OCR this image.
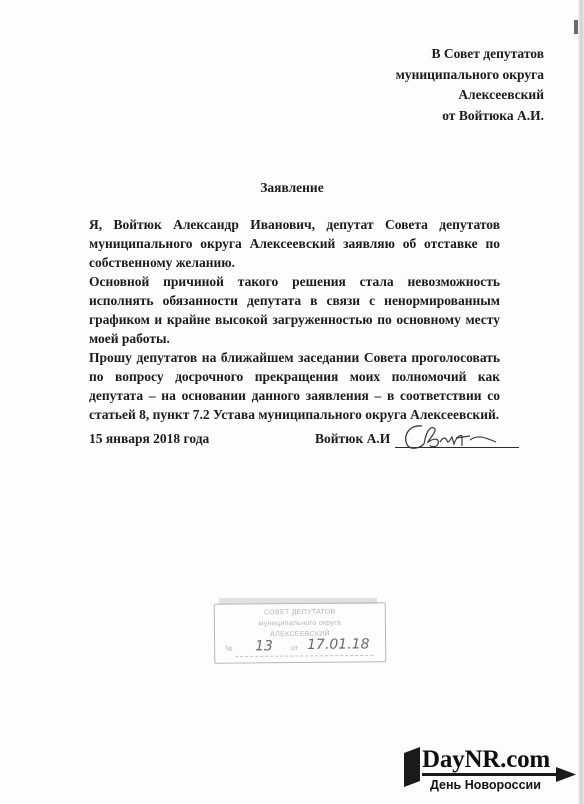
В Совет депутатов
муниципального округа
Алексеевский
от Войтюка А.И.
Заявление

Я, Войтюк Александр Иванович, депутат Совета депутатов муниципального округа Алексеевский заявляю об отставке по собственному желанию.

Основной причиной такого решения стала невозможность исполнять обязанности депутата в связи с ненормированным графиком и крайне высокой загруженностью по основному месту моей работы.

Прошу депутатов на ближайшем заседании Совета проголосовать по вопросу досрочного прекращения моих полномочий как депутата – на основании данного заявления – в соответствии со статьей 8, пункт 7.2 Устава муниципального округа Алексеевский.

15 января 2018 года	Войтюк А.И
СОВЕТ ДЕПУТАТОВ
муниципального округа
АЛЕКСЕЕВСКИЙ
№ 13	от 17.01.18
DayNR.com
День Новороссии
